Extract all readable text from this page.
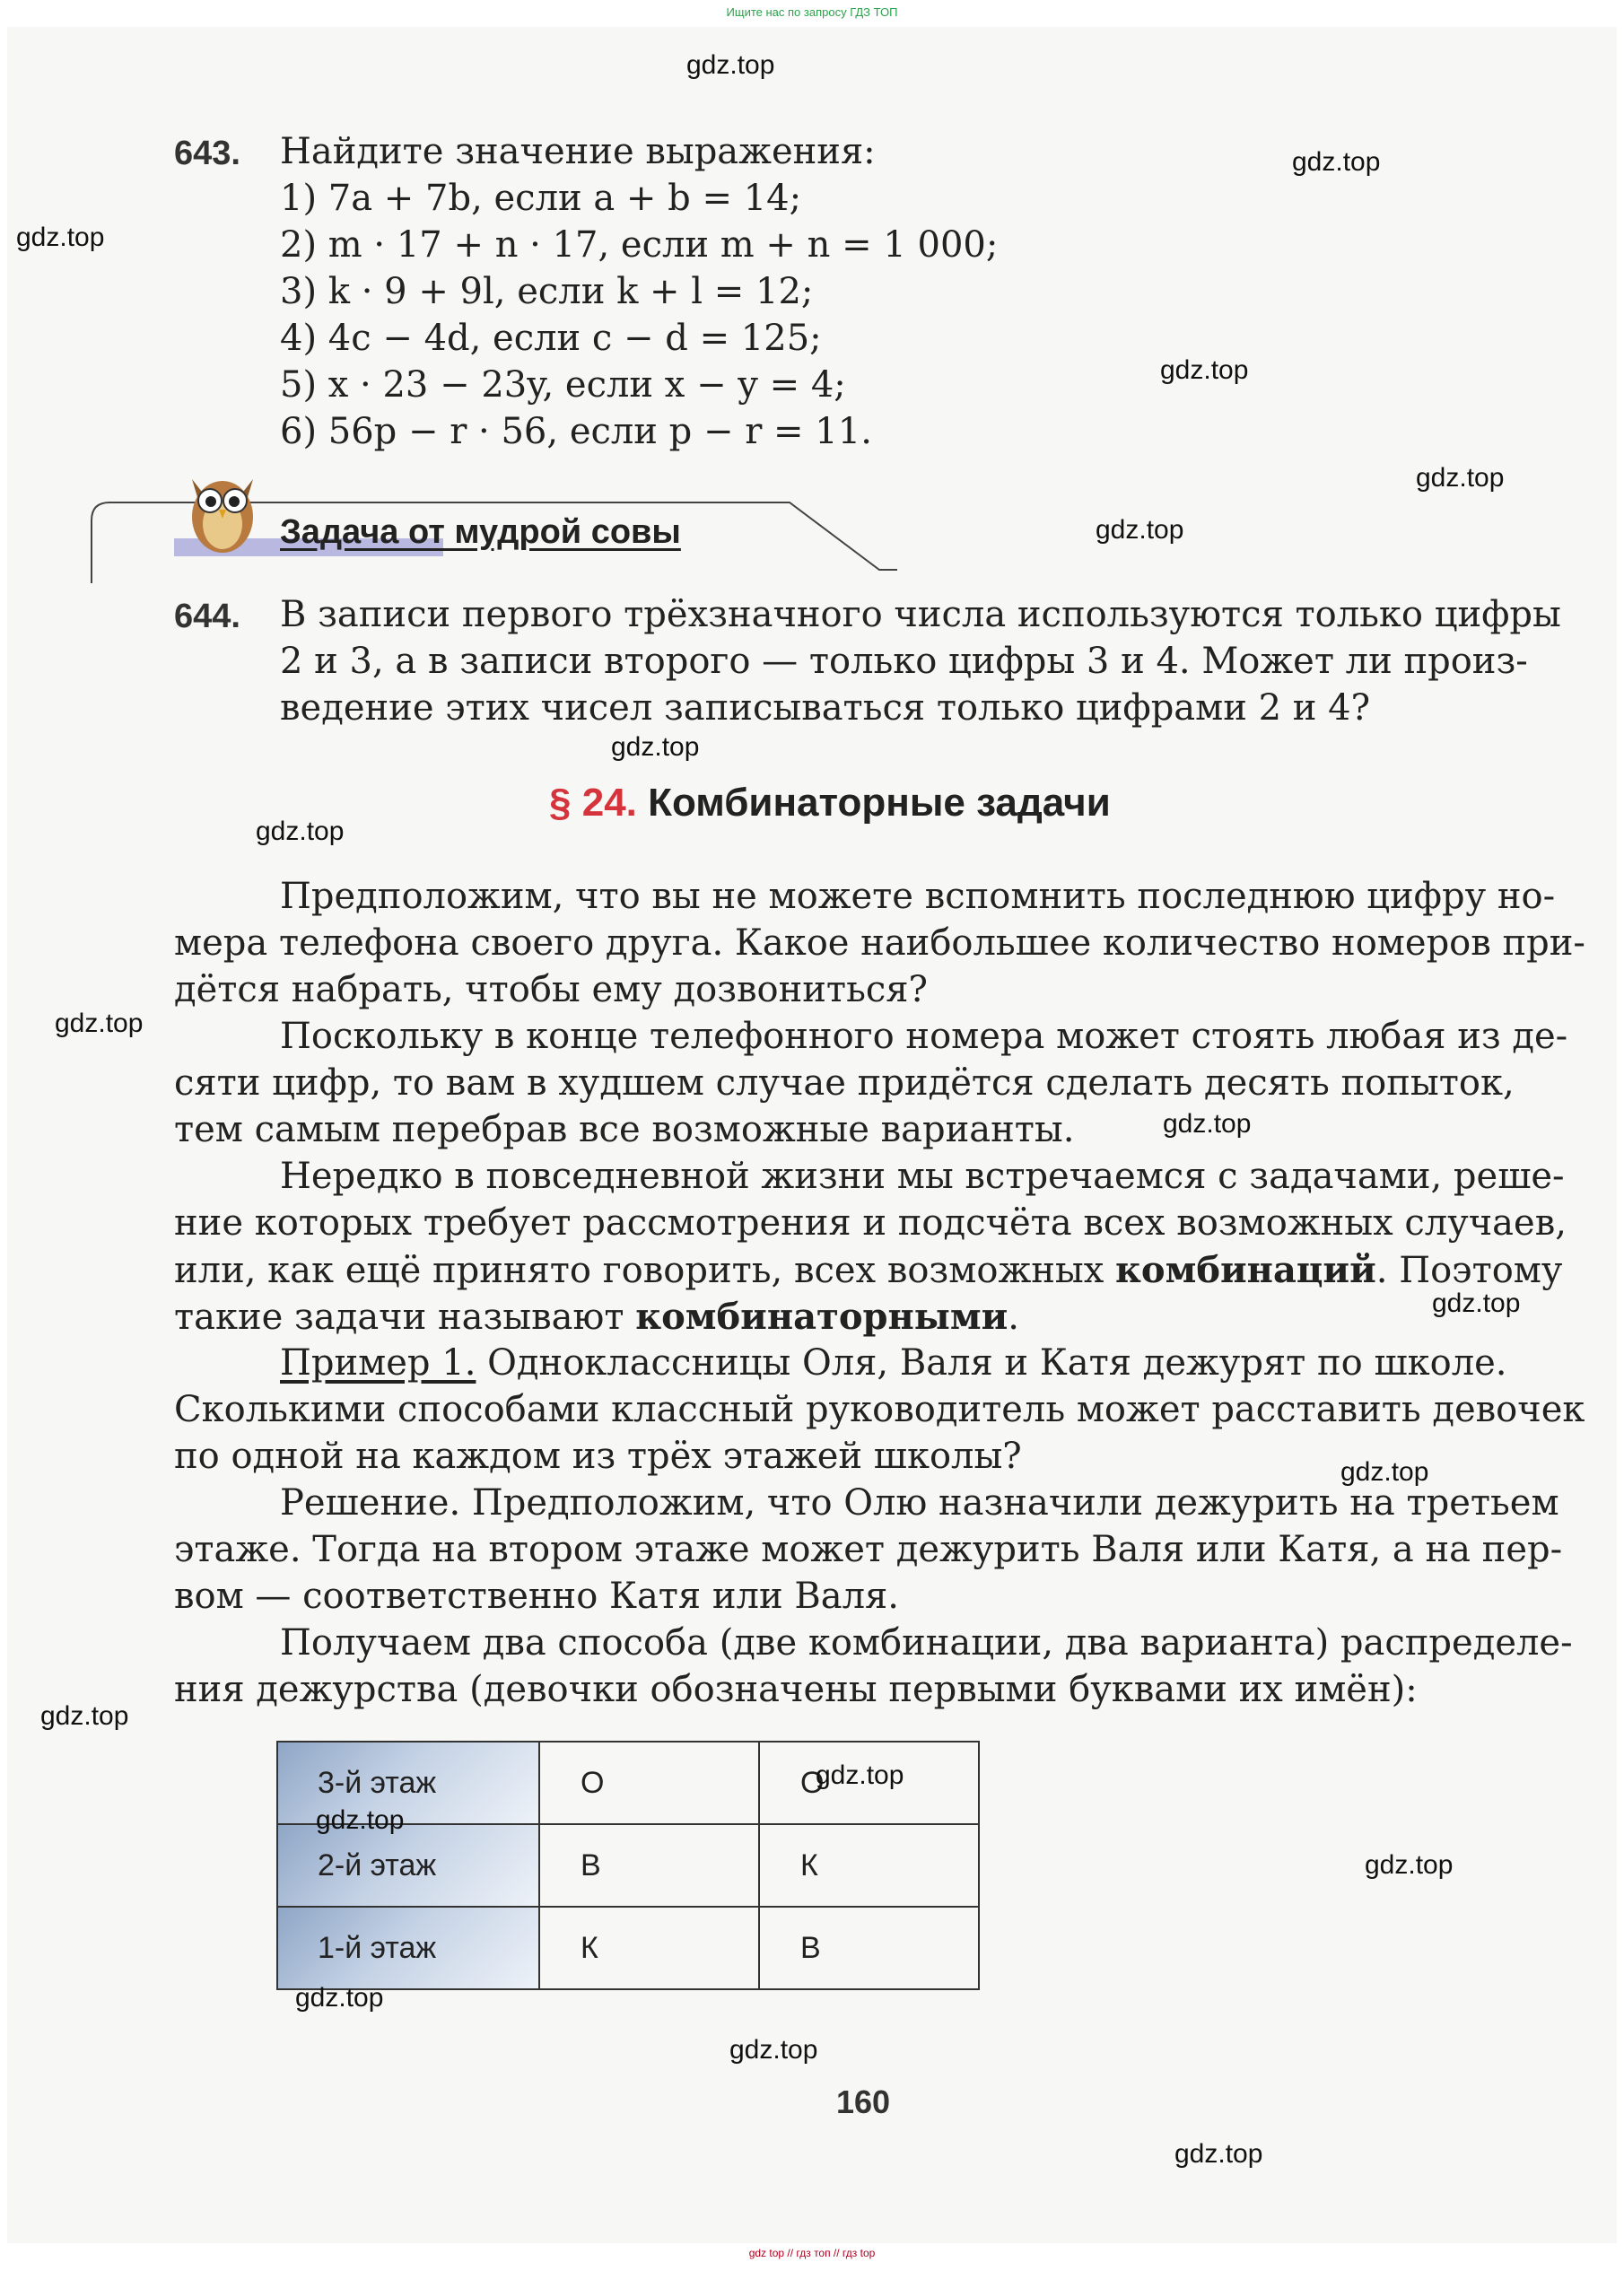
Ищите нас по запросу ГДЗ ТОП
643. Найдите значение выражения:
1) 7a + 7b, если a + b = 14;
2) m · 17 + n · 17, если m + n = 1 000;
3) k · 9 + 9l, если k + l = 12;
4) 4c − 4d, если c − d = 125;
5) x · 23 − 23y, если x − y = 4;
6) 56p − r · 56, если p − r = 11.
Задача от мудрой совы
644. В записи первого трёхзначного числа используются только цифры
2 и 3, а в записи второго — только цифры 3 и 4. Может ли произ-
ведение этих чисел записываться только цифрами 2 и 4?
§ 24. Комбинаторные задачи
Предположим, что вы не можете вспомнить последнюю цифру но-
мера телефона своего друга. Какое наибольшее количество номеров при-
дётся набрать, чтобы ему дозвониться?
Поскольку в конце телефонного номера может стоять любая из де-
сяти цифр, то вам в худшем случае придётся сделать десять попыток,
тем самым перебрав все возможные варианты.
Нередко в повседневной жизни мы встречаемся с задачами, реше-
ние которых требует рассмотрения и подсчёта всех возможных случаев,
или, как ещё принято говорить, всех возможных комбинаций. Поэтому
такие задачи называют комбинаторными.
Пример 1. Одноклассницы Оля, Валя и Катя дежурят по школе.
Сколькими способами классный руководитель может расставить девочек
по одной на каждом из трёх этажей школы?
Решение. Предположим, что Олю назначили дежурить на третьем
этаже. Тогда на втором этаже может дежурить Валя или Катя, а на пер-
вом — соответственно Катя или Валя.
Получаем два способа (две комбинации, два варианта) распределе-
ния дежурства (девочки обозначены первыми буквами их имён):
3-й этаж	О	О
2-й этаж	В	К
1-й этаж	К	В
160
gdz.top
gdz.top
gdz.top
gdz.top
gdz.top
gdz.top
gdz.top
gdz.top
gdz.top
gdz.top
gdz.top
gdz.top
gdz.top
gdz.top
gdz.top
gdz.top
gdz.top
gdz.top
gdz.top
gdz top // гдз топ // гдз top
